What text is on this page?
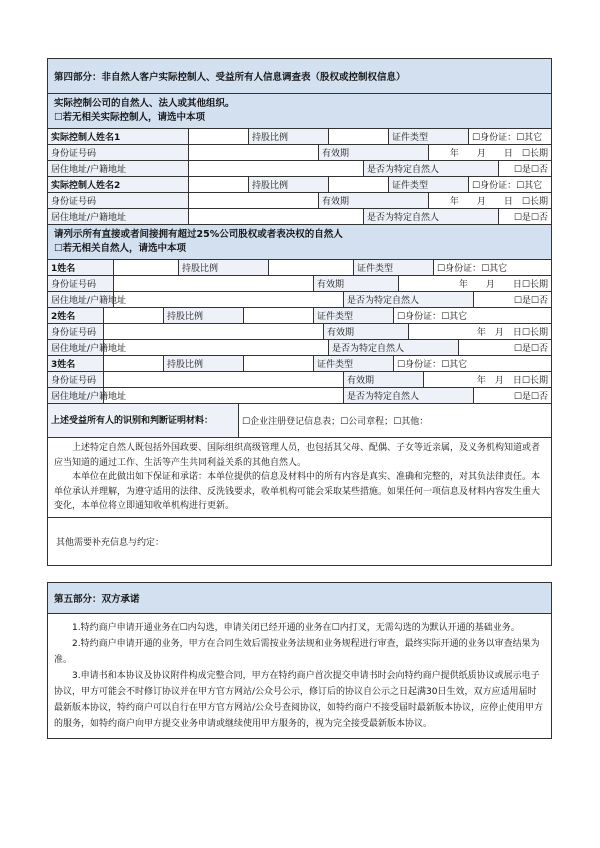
第四部分：非自然人客户实际控制人、受益所有人信息调查表（股权或控制权信息）
实际控制公司的自然人、法人或其他组织。
☐若无相关实际控制人，请选中本项
实际控制人姓名1	持股比例	证件类型	☐身份证：☐其它
身份证号码	有效期	年　　月　　日　☐长期
居住地址/户籍地址	是否为特定自然人	☐是☐否
实际控制人姓名2	持股比例	证件类型	☐身份证：☐其它
身份证号码	有效期	年　　月　　日　☐长期
居住地址/户籍地址	是否为特定自然人	☐是☐否
请列示所有直接或者间接拥有超过25%公司股权或者表决权的自然人
☐若无相关自然人，请选中本项
1姓名	持股比例	证件类型	☐身份证：☐其它
身份证号码	有效期	年　　月　　日☐长期
居住地址/户籍地址	是否为特定自然人	☐是☐否
2姓名	持股比例	证件类型	☐身份证：☐其它
身份证号码	有效期	年　月　日☐长期
居住地址/户籍地址	是否为特定自然人	☐是☐否
3姓名	持股比例	证件类型	☐身份证：☐其它
身份证号码	有效期	年　月　日☐长期
居住地址/户籍地址	是否为特定自然人	☐是☐否
上述受益所有人的识别和判断证明材料：	☐企业注册登记信息表；☐公司章程；☐其他：

上述特定自然人既包括外国政要、国际组织高级管理人员，也包括其父母、配偶、子女等近亲属，及义务机构知道或者应当知道的通过工作、生活等产生共同利益关系的其他自然人。

本单位在此做出如下保证和承诺：本单位提供的信息及材料中的所有内容是真实、准确和完整的，对其负法律责任。本单位承认并理解，为遵守适用的法律、反洗钱要求，收单机构可能会采取某些措施。如果任何一项信息及材料内容发生重大变化，本单位将立即通知收单机构进行更新。

其他需要补充信息与约定：
第五部分：双方承诺

1.特约商户申请开通业务在☐内勾选，申请关闭已经开通的业务在☐内打叉，无需勾选的为默认开通的基础业务。

2.特约商户申请开通的业务，甲方在合同生效后需按业务法规和业务规程进行审查，最终实际开通的业务以审查结果为准。

3.申请书和本协议及协议附件构成完整合同，甲方在特约商户首次提交申请书时会向特约商户提供纸质协议或展示电子协议，甲方可能会不时修订协议并在甲方官方网站/公众号公示，修订后的协议自公示之日起满30日生效，双方应适用届时最新版本协议，特约商户可以自行在甲方官方网站/公众号查阅协议，如特约商户不接受届时最新版本协议，应停止使用甲方的服务，如特约商户向甲方提交业务申请或继续使用甲方服务的，视为完全接受最新版本协议。
